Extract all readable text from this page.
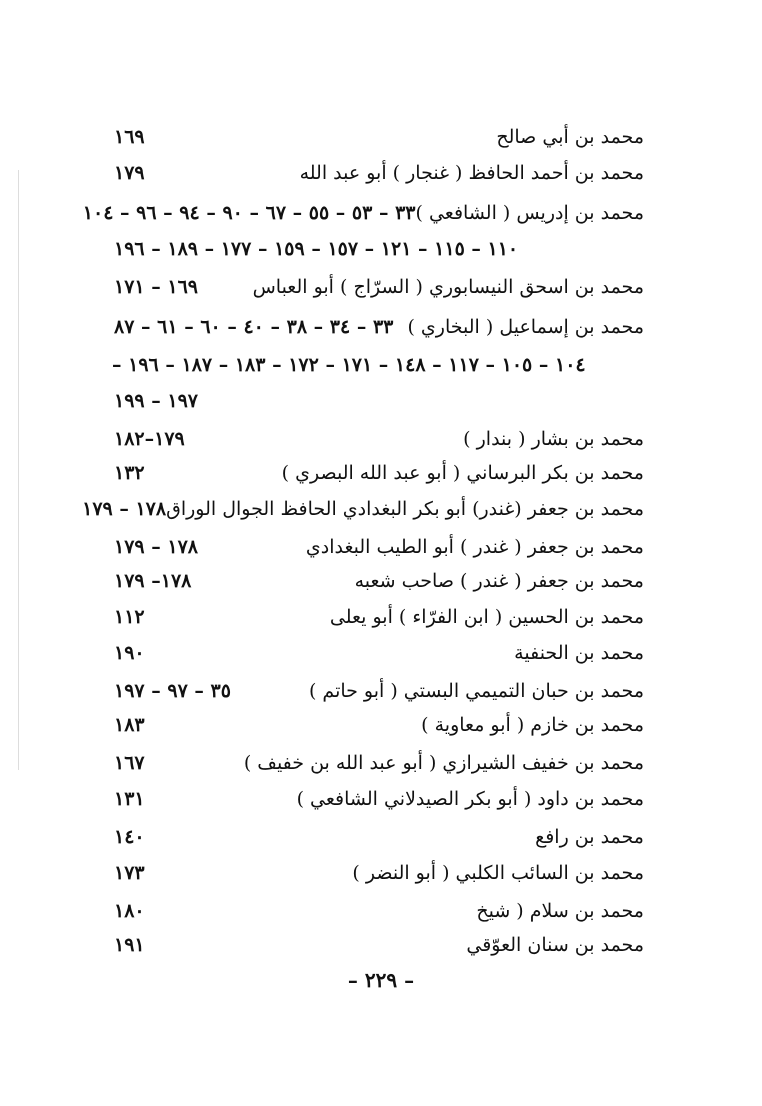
محمد بن أبي صالح
١٦٩
محمد بن أحمد الحافظ ( غنجار ) أبو عبد الله
١٧٩
محمد بن إدريس ( الشافعي )
٣٣ – ٥٣ – ٥٥ – ٦٧ – ٩٠ – ٩٤ – ٩٦ – ١٠٤
١١٠ – ١١٥ – ١٢١ – ١٥٧ – ١٥٩ – ١٧٧ – ١٨٩ – ١٩٦
محمد بن اسحق النيسابوري ( السرّاج ) أبو العباس
١٦٩ – ١٧١
محمد بن إسماعيل ( البخاري )
٣٣ – ٣٤ – ٣٨ – ٤٠ – ٦٠ – ٦١ – ٨٧
١٠٤ – ١٠٥ – ١١٧ – ١٤٨ – ١٧١ – ١٧٢ – ١٨٣ – ١٨٧ – ١٩٦ –
١٩٧ – ١٩٩
محمد بن بشار ( بندار )
١٧٩–١٨٢
محمد بن بكر البرساني ( أبو عبد الله البصري )
١٣٢
محمد بن جعفر (غندر) أبو بكر البغدادي الحافظ الجوال الوراق
١٧٨ – ١٧٩
محمد بن جعفر ( غندر ) أبو الطيب البغدادي
١٧٨ – ١٧٩
محمد بن جعفر ( غندر ) صاحب شعبه
١٧٨– ١٧٩
محمد بن الحسين ( ابن الفرّاء ) أبو يعلى
١١٢
محمد بن الحنفية
١٩٠
محمد بن حبان التميمي البستي ( أبو حاتم )
٣٥ – ٩٧ – ١٩٧
محمد بن خازم ( أبو معاوية )
١٨٣
محمد بن خفيف الشيرازي ( أبو عبد الله بن خفيف )
١٦٧
محمد بن داود ( أبو بكر الصيدلاني الشافعي )
١٣١
محمد بن رافع
١٤٠
محمد بن السائب الكلبي ( أبو النضر )
١٧٣
محمد بن سلام ( شيخ
١٨٠
محمد بن سنان العوّقي
١٩١
– ٢٢٩ –
